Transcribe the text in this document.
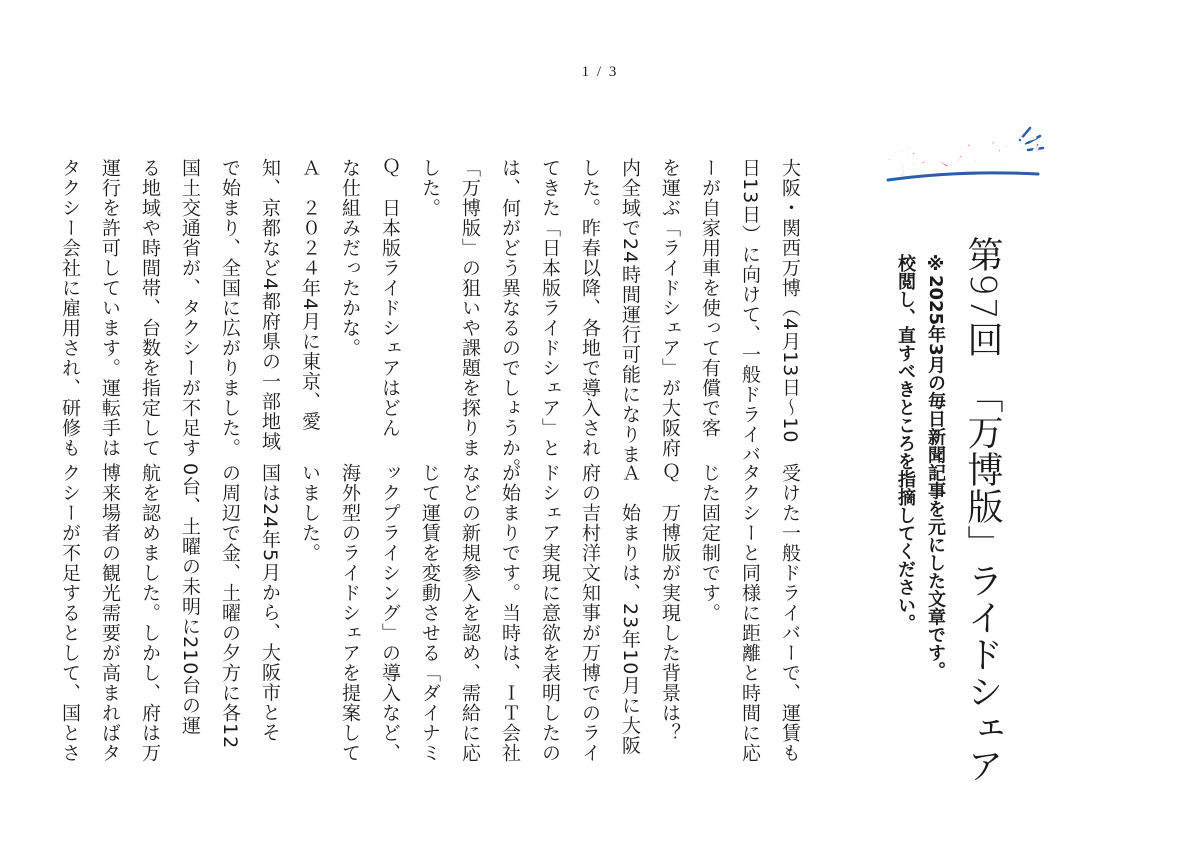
1 / 3
学べるゲラ
第97回　「万博版」ライドシェア
※2025年3月の毎日新聞記事を元にした文章です。
校閲し、直すべきところを指摘してください。
大阪・関西万博（4月13日～10
日13日）に向けて、一般ドライバ
ーが自家用車を使って有償で客
を運ぶ「ライドシェア」が大阪府
内全域で24時間運行可能になりま
した。昨春以降、各地で導入され
てきた「日本版ライドシェア」と
は、何がどう異なるのでしょうか。
「万博版」の狙いや課題を探りま
した。
Ｑ　日本版ライドシェアはどん
な仕組みだったかな。
Ａ　２０２４年4月に東京、愛
知、京都など4都府県の一部地域
で始まり、全国に広がりました。
国土交通省が、タクシーが不足す
る地域や時間帯、台数を指定して
運行を許可しています。運転手は
タクシー会社に雇用され、研修も
受けた一般ドライバーで、運賃も
タクシーと同様に距離と時間に応
じた固定制です。
Ｑ　万博版が実現した背景は？
Ａ　始まりは、23年10月に大阪
府の吉村洋文知事が万博でのライ
ドシェア実現に意欲を表明したの
が始まりです。当時は、ＩＴ会社
などの新規参入を認め、需給に応
じて運賃を変動させる「ダイナミ
ックプライシング」の導入など、
海外型のライドシェアを提案して
いました。
国は24年5月から、大阪市とそ
の周辺で金、土曜の夕方に各12
0台、土曜の未明に210台の運
航を認めました。しかし、府は万
博来場者の観光需要が高まればタ
クシーが不足するとして、国とさ
